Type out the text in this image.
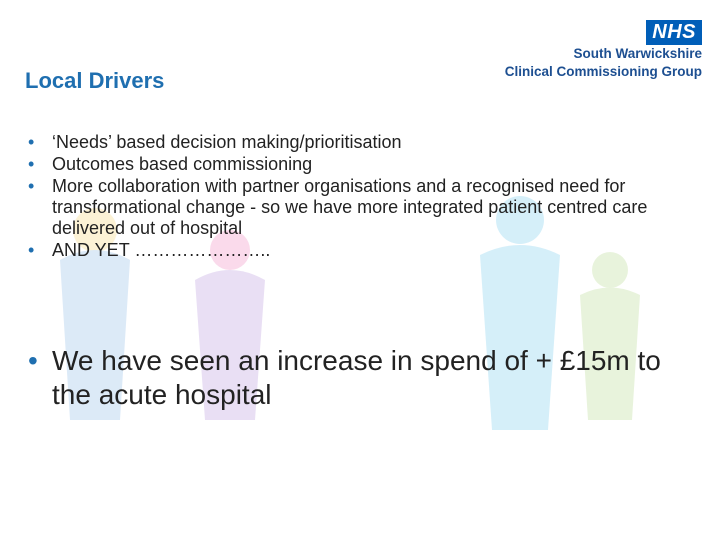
Local Drivers
NHS
South Warwickshire
Clinical Commissioning Group
• ‘Needs’ based decision making/prioritisation
• Outcomes based commissioning
• More collaboration with partner organisations and a recognised need for transformational change - so we have more integrated patient centred care delivered out of hospital
• AND YET …………………..
• We have seen an increase in spend of + £15m to the acute hospital
